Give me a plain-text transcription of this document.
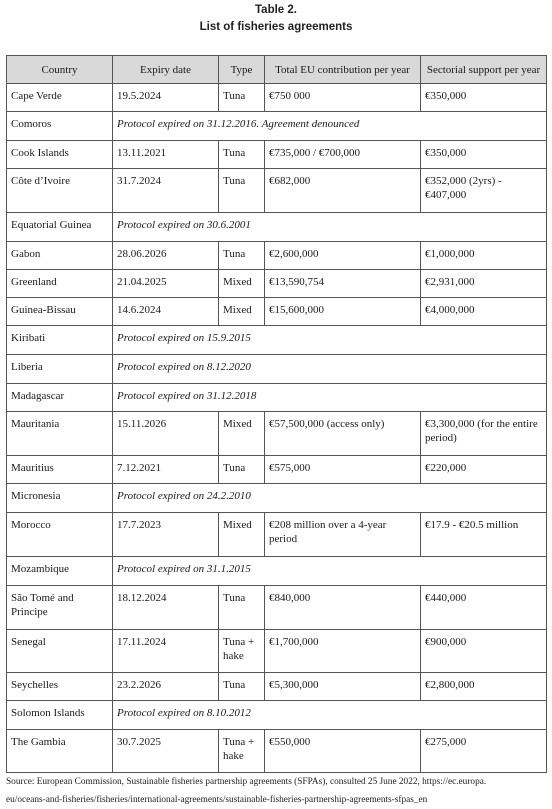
Table 2.
List of fisheries agreements
Country	Expiry date	Type	Total EU contribution per year	Sectorial support per year
Cape Verde	19.5.2024	Tuna	€750 000	€350,000
Comoros	Protocol expired on 31.12.2016. Agreement denounced			
Cook Islands	13.11.2021	Tuna	€735,000 / €700,000	€350,000
Côte d’Ivoire	31.7.2024	Tuna	€682,000	€352,000 (2yrs) - €407,000
Equatorial Guinea	Protocol expired on 30.6.2001			
Gabon	28.06.2026	Tuna	€2,600,000	€1,000,000
Greenland	21.04.2025	Mixed	€13,590,754	€2,931,000
Guinea-Bissau	14.6.2024	Mixed	€15,600,000	€4,000,000
Kiribati	Protocol expired on 15.9.2015			
Liberia	Protocol expired on 8.12.2020			
Madagascar	Protocol expired on 31.12.2018			
Mauritania	15.11.2026	Mixed	€57,500,000 (access only)	€3,300,000 (for the entire period)
Mauritius	7.12.2021	Tuna	€575,000	€220,000
Micronesia	Protocol expired on 24.2.2010			
Morocco	17.7.2023	Mixed	€208 million over a 4-year period	€17.9 - €20.5 million
Mozambique	Protocol expired on 31.1.2015			
São Tomé and Principe	18.12.2024	Tuna	€840,000	€440,000
Senegal	17.11.2024	Tuna + hake	€1,700,000	€900,000
Seychelles	23.2.2026	Tuna	€5,300,000	€2,800,000
Solomon Islands	Protocol expired on 8.10.2012			
The Gambia	30.7.2025	Tuna + hake	€550,000	€275,000
Source: European Commission, Sustainable fisheries partnership agreements (SFPAs), consulted 25 June 2022, https://ec.europa.
eu/oceans-and-fisheries/fisheries/international-agreements/sustainable-fisheries-partnership-agreements-sfpas_en
